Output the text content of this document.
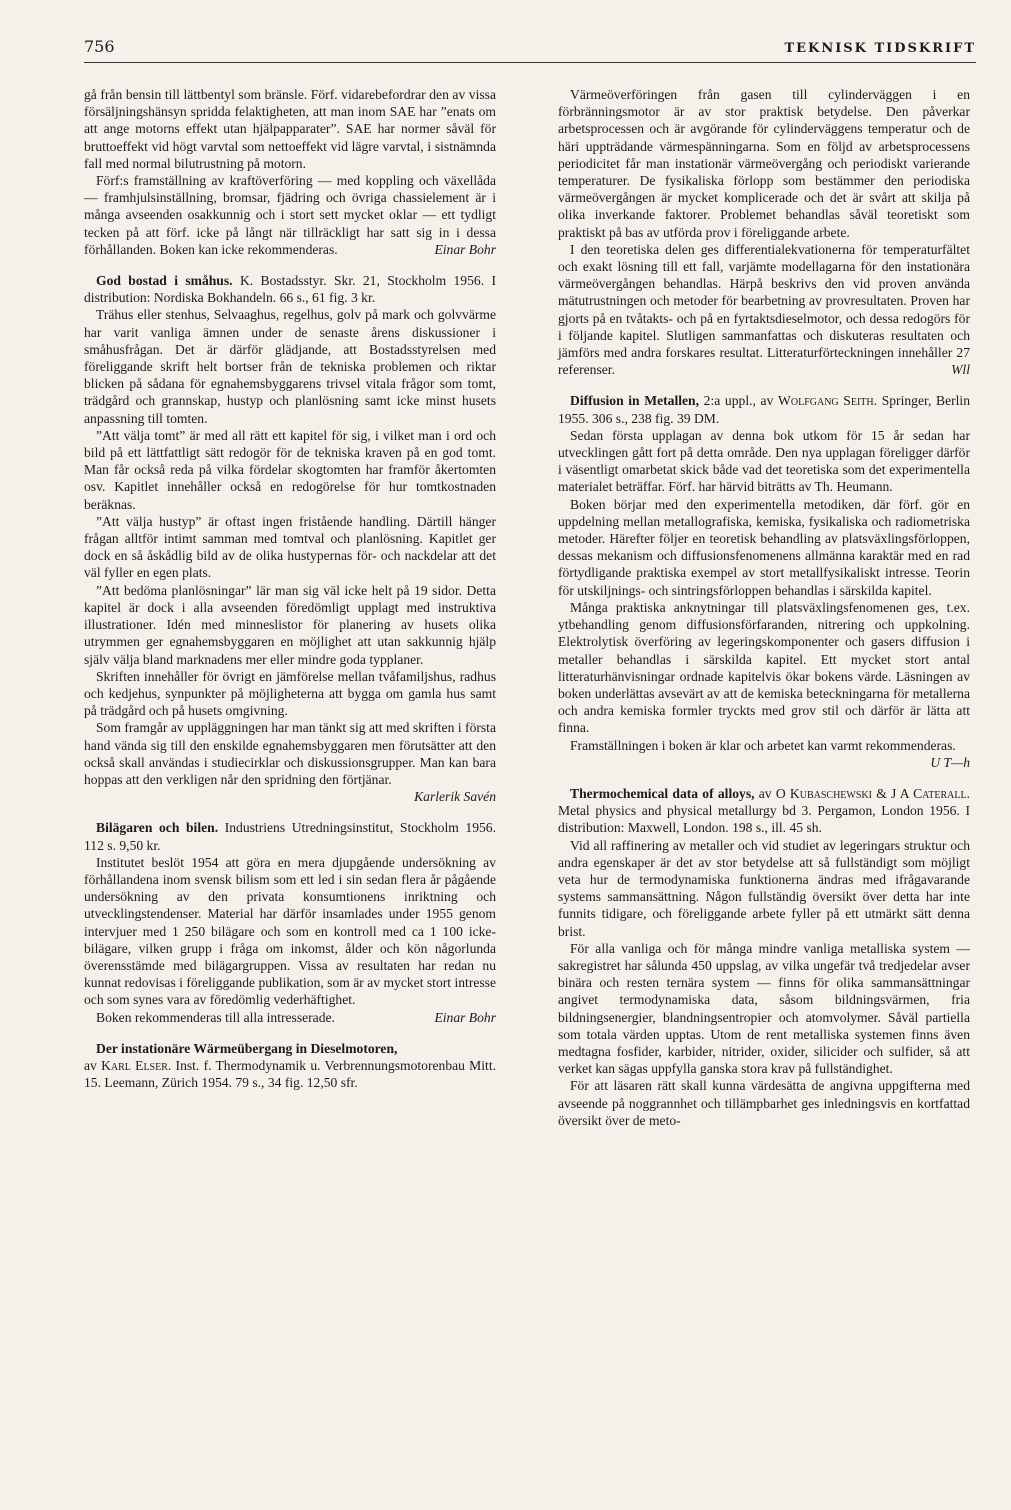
756	TEKNISK TIDSKRIFT

gå från bensin till lättbentyl som bränsle. Förf. vidarebefordrar den av vissa försäljningshänsyn spridda felaktigheten, att man inom SAE har ”enats om att ange motorns effekt utan hjälpapparater”. SAE har normer såväl för bruttoeffekt vid högt varvtal som nettoeffekt vid lägre varvtal, i sistnämnda fall med normal bilutrustning på motorn.

Förf:s framställning av kraftöverföring — med koppling och växellåda — framhjulsinställning, bromsar, fjädring och övriga chassielement är i många avseenden osakkunnig och i stort sett mycket oklar — ett tydligt tecken på att förf. icke på långt när tillräckligt har satt sig in i dessa förhållanden. Boken kan icke rekommenderas.	Einar Bohr

God bostad i småhus. K. Bostadsstyr. Skr. 21, Stockholm 1956. I distribution: Nordiska Bokhandeln. 66 s., 61 fig. 3 kr.

Trähus eller stenhus, Selvaaghus, regelhus, golv på mark och golvvärme har varit vanliga ämnen under de senaste årens diskussioner i småhusfrågan. Det är därför glädjande, att Bostadsstyrelsen med föreliggande skrift helt bortser från de tekniska problemen och riktar blicken på sådana för egnahemsbyggarens trivsel vitala frågor som tomt, trädgård och grannskap, hustyp och planlösning samt icke minst husets anpassning till tomten.

”Att välja tomt” är med all rätt ett kapitel för sig, i vilket man i ord och bild på ett lättfattligt sätt redogör för de tekniska kraven på en god tomt. Man får också reda på vilka fördelar skogtomten har framför åkertomten osv. Kapitlet innehåller också en redogörelse för hur tomtkostnaden beräknas.

”Att välja hustyp” är oftast ingen fristående handling. Därtill hänger frågan alltför intimt samman med tomtval och planlösning. Kapitlet ger dock en så åskådlig bild av de olika hustypernas för- och nackdelar att det väl fyller en egen plats.

”Att bedöma planlösningar” lär man sig väl icke helt på 19 sidor. Detta kapitel är dock i alla avseenden föredömligt upplagt med instruktiva illustrationer. Idén med minneslistor för planering av husets olika utrymmen ger egnahemsbyggaren en möjlighet att utan sakkunnig hjälp själv välja bland marknadens mer eller mindre goda typplaner.

Skriften innehåller för övrigt en jämförelse mellan tvåfamiljshus, radhus och kedjehus, synpunkter på möjligheterna att bygga om gamla hus samt på trädgård och på husets omgivning.

Som framgår av uppläggningen har man tänkt sig att med skriften i första hand vända sig till den enskilde egnahemsbyggaren men förutsätter att den också skall användas i studiecirklar och diskussionsgrupper. Man kan bara hoppas att den verkligen når den spridning den förtjänar.

Karlerik Savén

Bilägaren och bilen. Industriens Utredningsinstitut, Stockholm 1956. 112 s. 9,50 kr.

Institutet beslöt 1954 att göra en mera djupgående undersökning av förhållandena inom svensk bilism som ett led i sin sedan flera år pågående undersökning av den privata konsumtionens inriktning och utvecklingstendenser. Material har därför insamlades under 1955 genom intervjuer med 1 250 bilägare och som en kontroll med ca 1 100 icke-bilägare, vilken grupp i fråga om inkomst, ålder och kön någorlunda överensstämde med bilägargruppen. Vissa av resultaten har redan nu kunnat redovisas i föreliggande publikation, som är av mycket stort intresse och som synes vara av föredömlig vederhäftighet.

Boken rekommenderas till alla intresserade.	Einar Bohr

Der instationäre Wärmeübergang in Dieselmotoren,
av Karl Elser. Inst. f. Thermodynamik u. Verbrennungsmotorenbau Mitt. 15. Leemann, Zürich 1954. 79 s., 34 fig. 12,50 sfr.

Värmeöverföringen från gasen till cylinderväggen i en förbränningsmotor är av stor praktisk betydelse. Den påverkar arbetsprocessen och är avgörande för cylinderväggens temperatur och de häri uppträdande värmespänningarna. Som en följd av arbetsprocessens periodicitet får man instationär värmeövergång och periodiskt varierande temperaturer. De fysikaliska förlopp som bestämmer den periodiska värmeövergången är mycket komplicerade och det är svårt att skilja på olika inverkande faktorer. Problemet behandlas såväl teoretiskt som praktiskt på bas av utförda prov i föreliggande arbete.

I den teoretiska delen ges differentialekvationerna för temperaturfältet och exakt lösning till ett fall, varjämte modellagarna för den instationära värmeövergången behandlas. Härpå beskrivs den vid proven använda mätutrustningen och metoder för bearbetning av provresultaten. Proven har gjorts på en tvåtakts- och på en fyrtaktsdieselmotor, och dessa redogörs för i följande kapitel. Slutligen sammanfattas och diskuteras resultaten och jämförs med andra forskares resultat. Litteraturförteckningen innehåller 27 referenser.	Wll

Diffusion in Metallen, 2:a uppl., av Wolfgang Seith. Springer, Berlin 1955. 306 s., 238 fig. 39 DM.

Sedan första upplagan av denna bok utkom för 15 år sedan har utvecklingen gått fort på detta område. Den nya upplagan föreligger därför i väsentligt omarbetat skick både vad det teoretiska som det experimentella materialet beträffar. Förf. har härvid biträtts av Th. Heumann.

Boken börjar med den experimentella metodiken, där förf. gör en uppdelning mellan metallografiska, kemiska, fysikaliska och radiometriska metoder. Härefter följer en teoretisk behandling av platsväxlingsförloppen, dessas mekanism och diffusionsfenomenens allmänna karaktär med en rad förtydligande praktiska exempel av stort metallfysikaliskt intresse. Teorin för utskiljnings- och sintringsförloppen behandlas i särskilda kapitel.

Många praktiska anknytningar till platsväxlingsfenomenen ges, t.ex. ytbehandling genom diffusionsförfaranden, nitrering och uppkolning. Elektrolytisk överföring av legeringskomponenter och gasers diffusion i metaller behandlas i särskilda kapitel. Ett mycket stort antal litteraturhänvisningar ordnade kapitelvis ökar bokens värde. Läsningen av boken underlättas avsevärt av att de kemiska beteckningarna för metallerna och andra kemiska formler tryckts med grov stil och därför är lätta att finna.

Framställningen i boken är klar och arbetet kan varmt rekommenderas.
U T—h

Thermochemical data of alloys, av O Kubaschewski & J A Caterall. Metal physics and physical metallurgy bd 3. Pergamon, London 1956. I distribution: Maxwell, London. 198 s., ill. 45 sh.

Vid all raffinering av metaller och vid studiet av legeringars struktur och andra egenskaper är det av stor betydelse att så fullständigt som möjligt veta hur de termodynamiska funktionerna ändras med ifrågavarande systems sammansättning. Någon fullständig översikt över detta har inte funnits tidigare, och föreliggande arbete fyller på ett utmärkt sätt denna brist.

För alla vanliga och för många mindre vanliga metalliska system — sakregistret har sålunda 450 uppslag, av vilka ungefär två tredjedelar avser binära och resten ternära system — finns för olika sammansättningar angivet termodynamiska data, såsom bildningsvärmen, fria bildningsenergier, blandningsentropier och atomvolymer. Såväl partiella som totala värden upptas. Utom de rent metalliska systemen finns även medtagna fosfider, karbider, nitrider, oxider, silicider och sulfider, så att verket kan sägas uppfylla ganska stora krav på fullständighet.

För att läsaren rätt skall kunna värdesätta de angivna uppgifterna med avseende på noggrannhet och tillämpbarhet ges inledningsvis en kortfattad översikt över de meto-
